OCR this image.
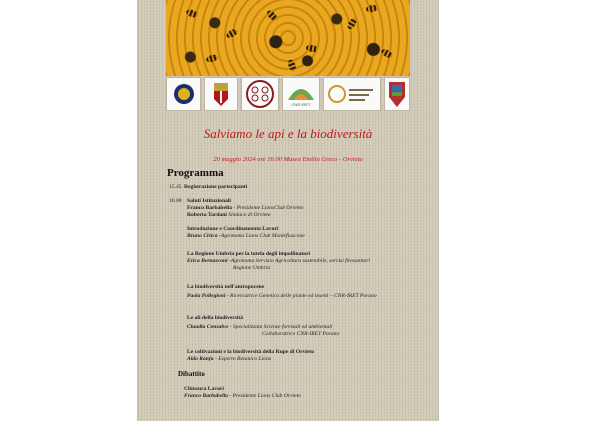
CNR IRET
Salviamo le api e la biodiversità
20 maggio 2024 ore 16.00 Museo Emilio Greco - Orvieto
Programma
15.45 Registrazione partecipanti
16.00 Saluti Istituzionali
Franco Barbabella - Presidente LionsClub Orvieto
Roberta Tardani Sindaco di Orvieto
Introduzione e Coordinamento Lavori
Bruno Cirica -Agronomo Lions Club Montefiascone
La Regione Umbria per la tutela degli impollinatori
Erica Bernasconi -Agronoma Servizio Agricoltura sostenibile, servizi fitosanitari
Regione Umbria
La biodiversità nell'antropocene
Paola Pollegioni - Ricercatrice Genetica delle piante ed insetti – CNR-IRET Porano
Le ali della biodiversità
Claudia Consalvo - Specializzata Scienze forestali ed ambientali
Collaboratrice CNR-IRET Porano
Le coltivazioni e la biodiversità della Rupe di Orvieto
Aldo Ranfa - Esperto Botanico Lions
Dibattito
Chiusura Lavori
Franco Barbabella - Presidente Lions Club Orvieto
